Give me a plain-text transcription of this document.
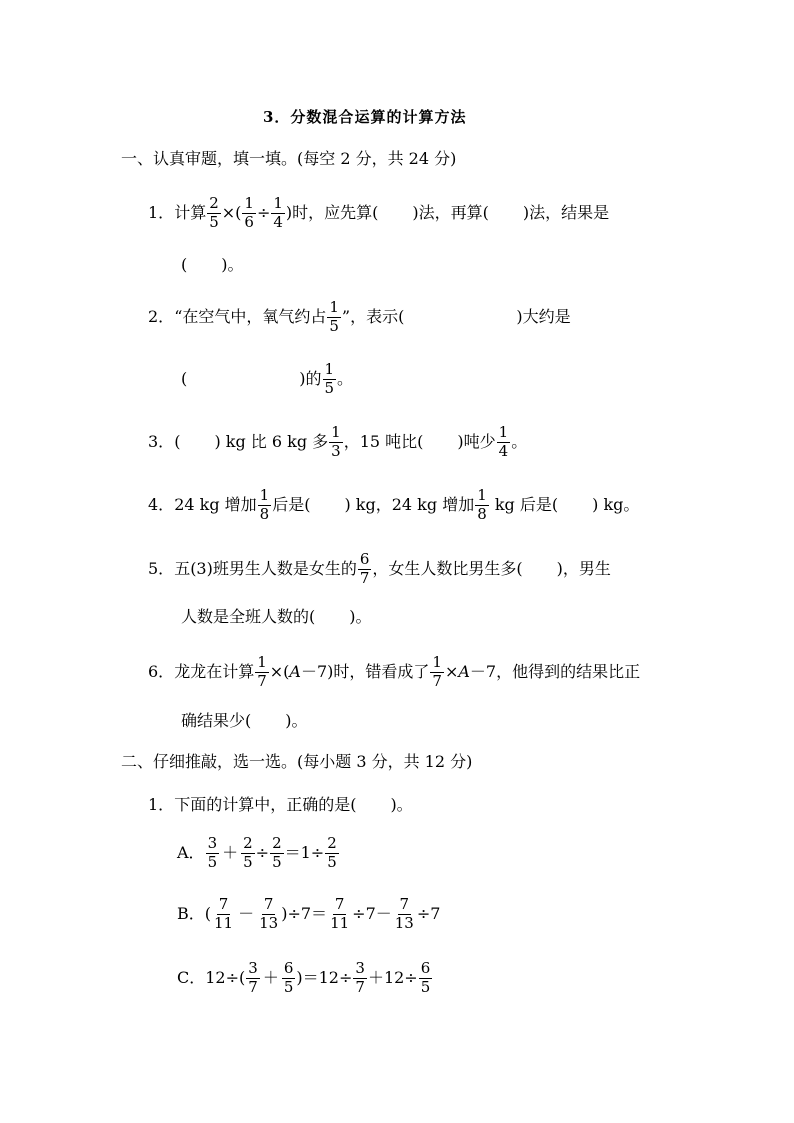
3．分数混合运算的计算方法
一、认真审题，填一填。(每空 2 分，共 24 分)
1．计算 $\frac{2}{5}$ ×( $\frac{1}{6} \div \frac{1}{4}$ )时，应先算( )法，再算( )法，结果是
( )。
2．“在空气中，氧气约占 $\frac{1}{5}$ ”，表示(	)大约是
(	)的 $\frac{1}{5}$ 。
3．( ) kg 比 6 kg 多 $\frac{1}{3}$ ，15 吨比( )吨少 $\frac{1}{4}$ 。
4．24 kg 增加 $\frac{1}{8}$ 后是( ) kg，24 kg 增加 $\frac{1}{8}$ kg 后是( ) kg。
5．五(3)班男生人数是女生的 $\frac{6}{7}$ ，女生人数比男生多( )，男生
人数是全班人数的( )。
6．龙龙在计算 $\frac{1}{7} \times(A-7)$时，错看成了 $\frac{1}{7} \times A-7$，他得到的结果比正
确结果少( )。
二、仔细推敲，选一选。(每小题 3 分，共 12 分)
1．下面的计算中，正确的是( )。
A． $\frac{3}{5} + \frac{2}{5} \div \frac{2}{5} =1\div \frac{2}{5}$
B．( $\frac{7}{11} - \frac{7}{13} )\div 7= \frac{7}{11} \div 7- \frac{7}{13} \div 7$
C．$12\div( \frac{3}{7} + \frac{6}{5} )=12\div \frac{3}{7} +12\div \frac{6}{5}$
